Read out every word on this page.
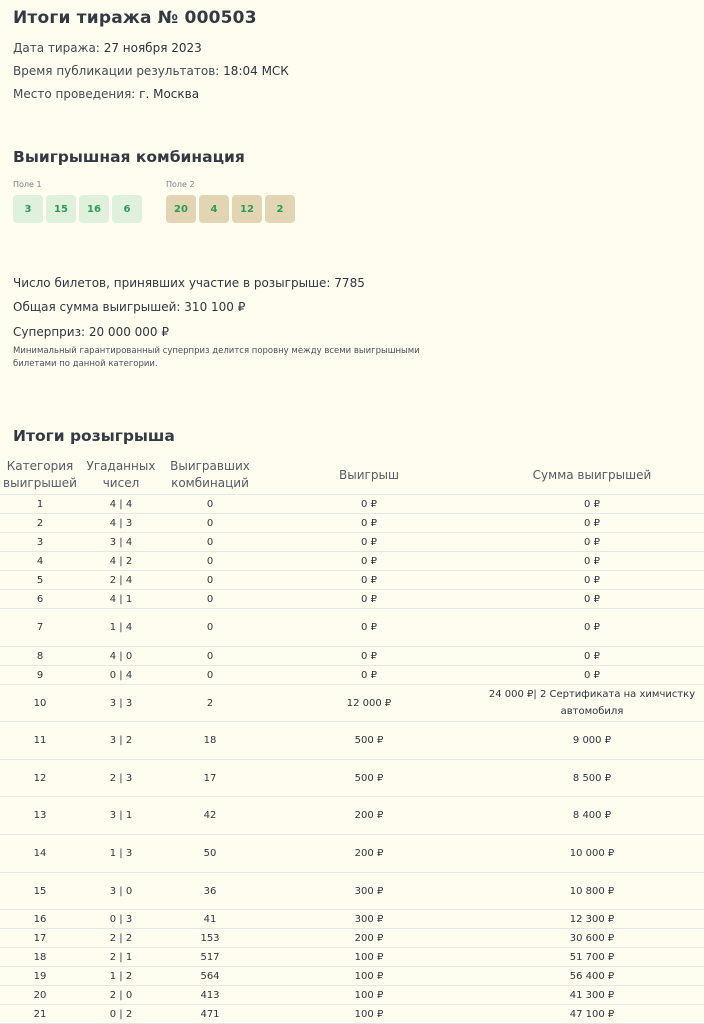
Итоги тиража № 000503
Дата тиража: 27 ноября 2023
Время публикации результатов: 18:04 МСК
Место проведения: г. Москва
Выигрышная комбинация
Поле 1	Поле 2
3	15	16	6	20	4	12	2
Число билетов, принявших участие в розыгрыше: 7785
Общая сумма выигрышей: 310 100 ₽
Суперприз: 20 000 000 ₽
Минимальный гарантированный суперприз делится поровну между всеми выигрышными билетами по данной категории.
Итоги розыгрыша
Категория выигрышей	Угаданных чисел	Выигравших комбинаций	Выигрыш	Сумма выигрышей
1	4 | 4	0	0 ₽	0 ₽
2	4 | 3	0	0 ₽	0 ₽
3	3 | 4	0	0 ₽	0 ₽
4	4 | 2	0	0 ₽	0 ₽
5	2 | 4	0	0 ₽	0 ₽
6	4 | 1	0	0 ₽	0 ₽
7	1 | 4	0	0 ₽	0 ₽
8	4 | 0	0	0 ₽	0 ₽
9	0 | 4	0	0 ₽	0 ₽
10	3 | 3	2	12 000 ₽	24 000 ₽| 2 Сертификата на химчистку автомобиля
11	3 | 2	18	500 ₽	9 000 ₽
12	2 | 3	17	500 ₽	8 500 ₽
13	3 | 1	42	200 ₽	8 400 ₽
14	1 | 3	50	200 ₽	10 000 ₽
15	3 | 0	36	300 ₽	10 800 ₽
16	0 | 3	41	300 ₽	12 300 ₽
17	2 | 2	153	200 ₽	30 600 ₽
18	2 | 1	517	100 ₽	51 700 ₽
19	1 | 2	564	100 ₽	56 400 ₽
20	2 | 0	413	100 ₽	41 300 ₽
21	0 | 2	471	100 ₽	47 100 ₽
